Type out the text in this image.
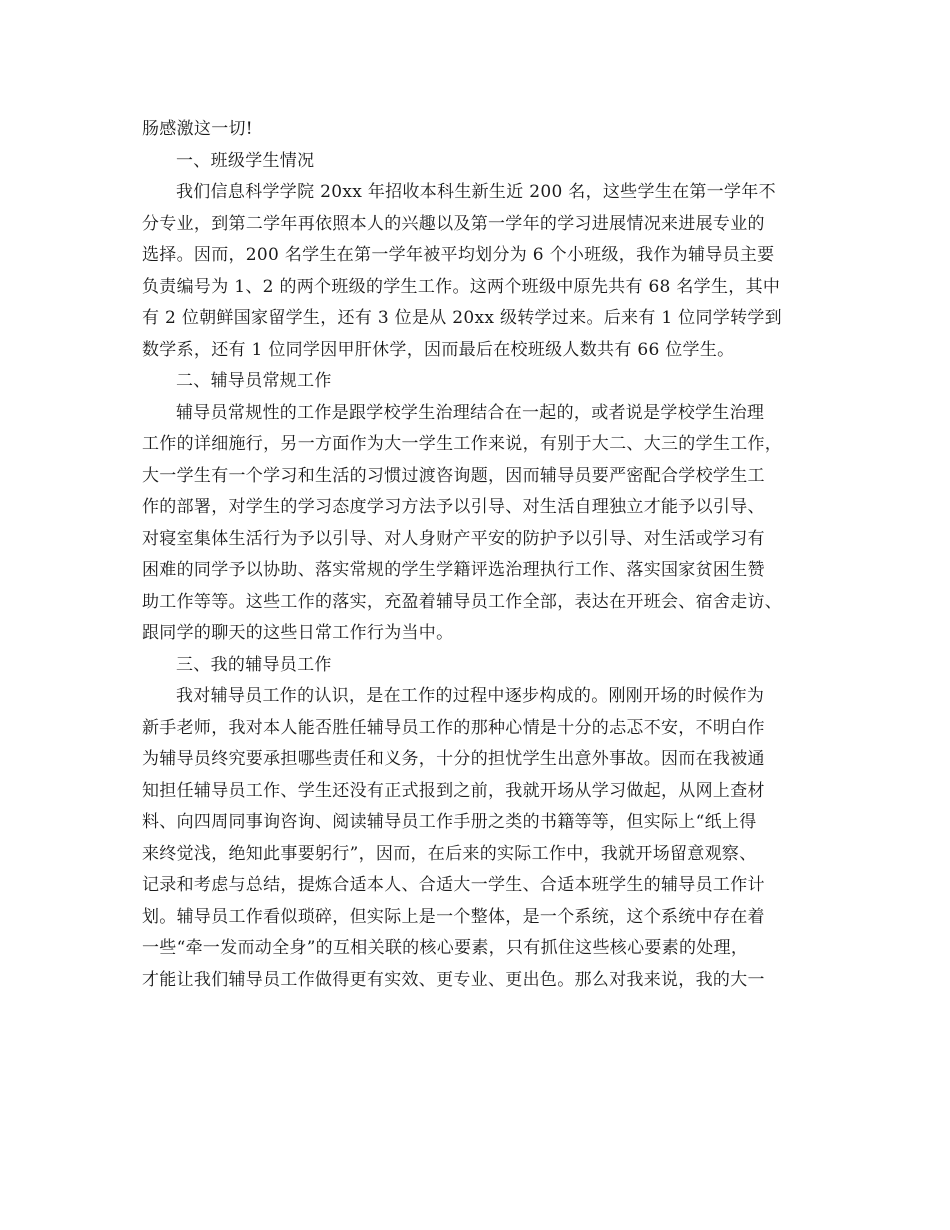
肠感激这一切!
一、班级学生情况
我们信息科学学院 20xx 年招收本科生新生近 200 名，这些学生在第一学年不
分专业，到第二学年再依照本人的兴趣以及第一学年的学习进展情况来进展专业的
选择。因而，200 名学生在第一学年被平均划分为 6 个小班级，我作为辅导员主要
负责编号为 1、2 的两个班级的学生工作。这两个班级中原先共有 68 名学生，其中
有 2 位朝鲜国家留学生，还有 3 位是从 20xx 级转学过来。后来有 1 位同学转学到
数学系，还有 1 位同学因甲肝休学，因而最后在校班级人数共有 66 位学生。
二、辅导员常规工作
辅导员常规性的工作是跟学校学生治理结合在一起的，或者说是学校学生治理
工作的详细施行，另一方面作为大一学生工作来说，有别于大二、大三的学生工作，
大一学生有一个学习和生活的习惯过渡咨询题，因而辅导员要严密配合学校学生工
作的部署，对学生的学习态度学习方法予以引导、对生活自理独立才能予以引导、
对寝室集体生活行为予以引导、对人身财产平安的防护予以引导、对生活或学习有
困难的同学予以协助、落实常规的学生学籍评选治理执行工作、落实国家贫困生赞
助工作等等。这些工作的落实，充盈着辅导员工作全部，表达在开班会、宿舍走访、
跟同学的聊天的这些日常工作行为当中。
三、我的辅导员工作
我对辅导员工作的认识，是在工作的过程中逐步构成的。刚刚开场的时候作为
新手老师，我对本人能否胜任辅导员工作的那种心情是十分的忐忑不安，不明白作
为辅导员终究要承担哪些责任和义务，十分的担忧学生出意外事故。因而在我被通
知担任辅导员工作、学生还没有正式报到之前，我就开场从学习做起，从网上查材
料、向四周同事询咨询、阅读辅导员工作手册之类的书籍等等，但实际上“纸上得
来终觉浅，绝知此事要躬行”，因而，在后来的实际工作中，我就开场留意观察、
记录和考虑与总结，提炼合适本人、合适大一学生、合适本班学生的辅导员工作计
划。辅导员工作看似琐碎，但实际上是一个整体，是一个系统，这个系统中存在着
一些“牵一发而动全身”的互相关联的核心要素，只有抓住这些核心要素的处理，
才能让我们辅导员工作做得更有实效、更专业、更出色。那么对我来说，我的大一
